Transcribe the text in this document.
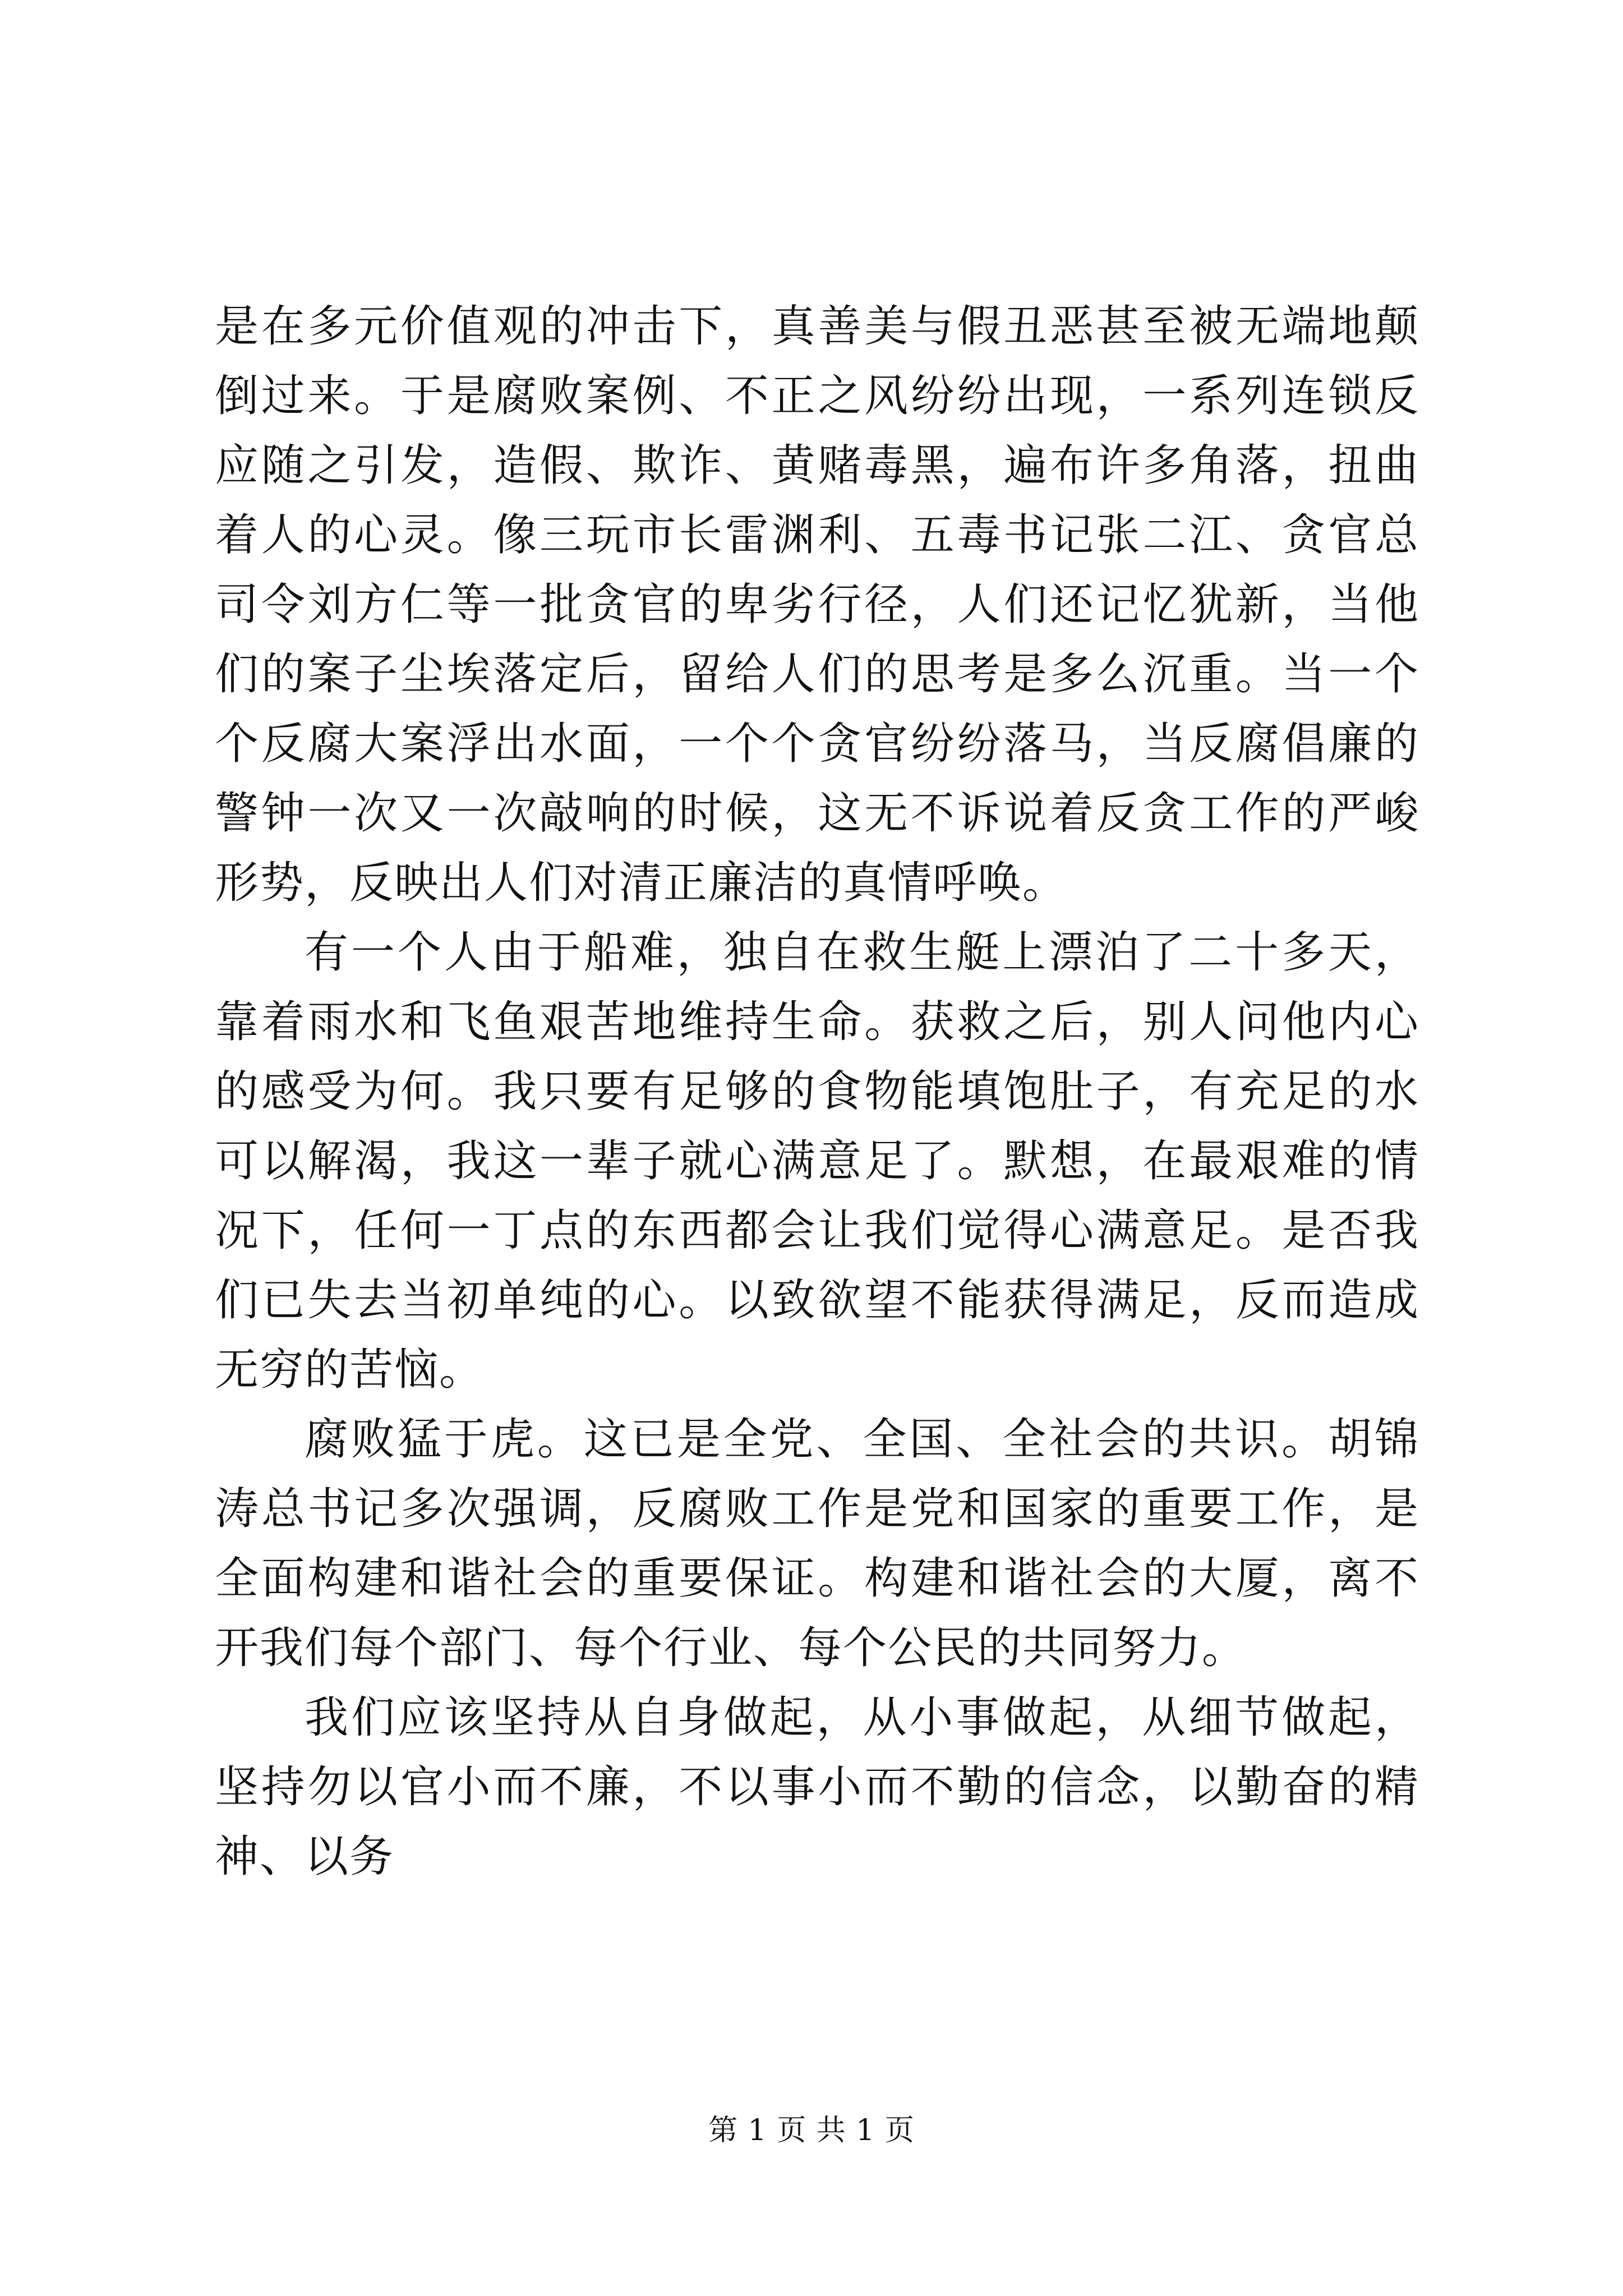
是在多元价值观的冲击下，真善美与假丑恶甚至被无端地颠倒过来。于是腐败案例、不正之风纷纷出现，一系列连锁反应随之引发，造假、欺诈、黄赌毒黑，遍布许多角落，扭曲着人的心灵。像三玩市长雷渊利、五毒书记张二江、贪官总司令刘方仁等一批贪官的卑劣行径，人们还记忆犹新，当他们的案子尘埃落定后，留给人们的思考是多么沉重。当一个个反腐大案浮出水面，一个个贪官纷纷落马，当反腐倡廉的警钟一次又一次敲响的时候，这无不诉说着反贪工作的严峻形势，反映出人们对清正廉洁的真情呼唤。

有一个人由于船难，独自在救生艇上漂泊了二十多天，靠着雨水和飞鱼艰苦地维持生命。获救之后，别人问他内心的感受为何。我只要有足够的食物能填饱肚子，有充足的水可以解渴，我这一辈子就心满意足了。默想，在最艰难的情况下，任何一丁点的东西都会让我们觉得心满意足。是否我们已失去当初单纯的心。以致欲望不能获得满足，反而造成无穷的苦恼。

腐败猛于虎。这已是全党、全国、全社会的共识。胡锦涛总书记多次强调，反腐败工作是党和国家的重要工作，是全面构建和谐社会的重要保证。构建和谐社会的大厦，离不开我们每个部门、每个行业、每个公民的共同努力。

我们应该坚持从自身做起，从小事做起，从细节做起，坚持勿以官小而不廉，不以事小而不勤的信念，以勤奋的精神、以务

第 1 页 共 1 页
